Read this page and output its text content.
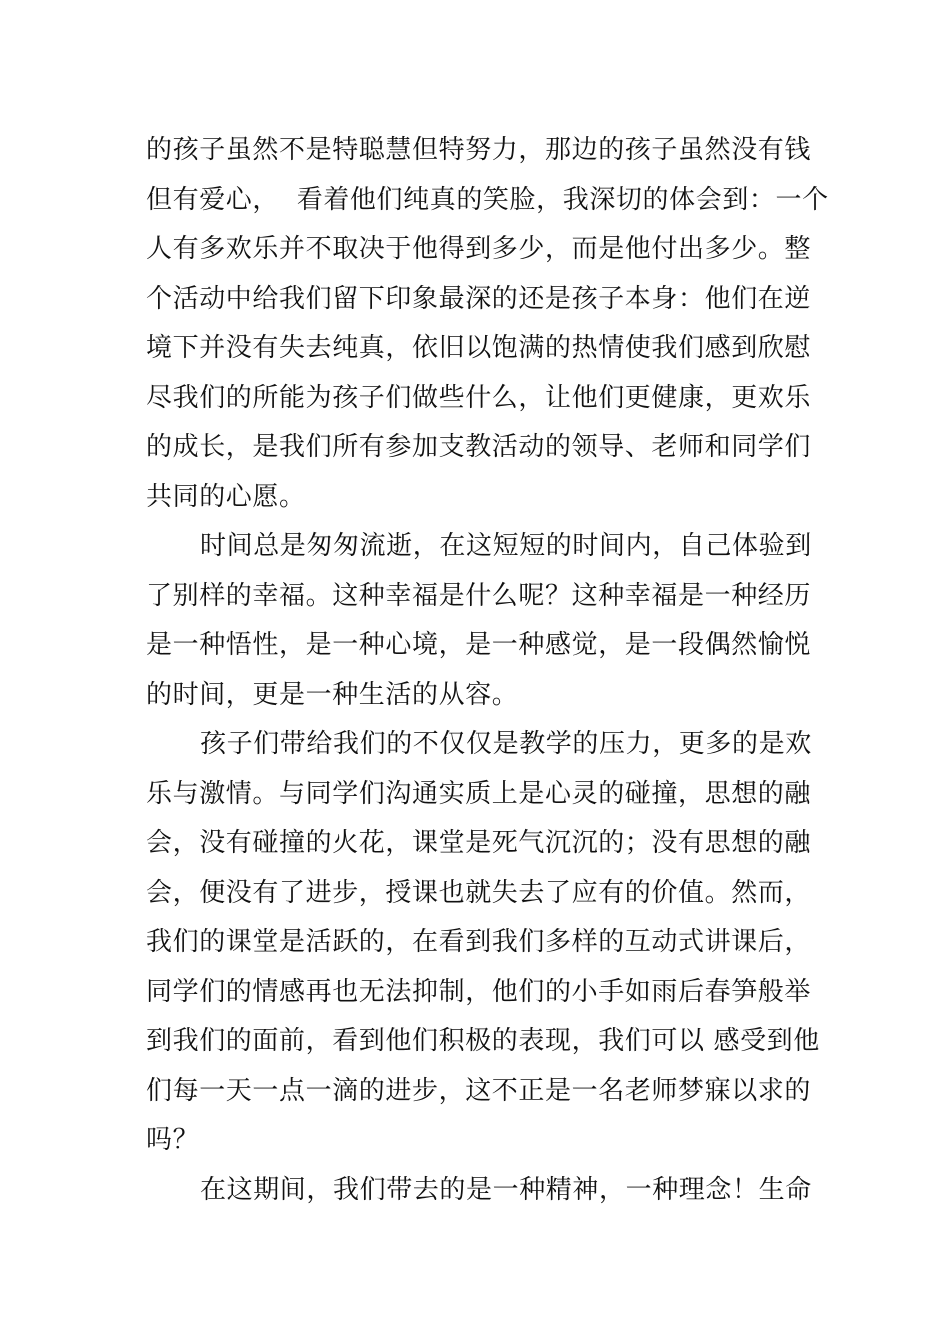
的孩子虽然不是特聪慧但特努力，那边的孩子虽然没有钱
但有爱心，  看着他们纯真的笑脸，我深切的体会到：一个
人有多欢乐并不取决于他得到多少，而是他付出多少。整
个活动中给我们留下印象最深的还是孩子本身：他们在逆
境下并没有失去纯真，依旧以饱满的热情使我们感到欣慰
尽我们的所能为孩子们做些什么，让他们更健康，更欢乐
的成长，是我们所有参加支教活动的领导、老师和同学们
共同的心愿。
时间总是匆匆流逝，在这短短的时间内，自己体验到
了别样的幸福。这种幸福是什么呢？这种幸福是一种经历
是一种悟性，是一种心境，是一种感觉，是一段偶然愉悦
的时间，更是一种生活的从容。
孩子们带给我们的不仅仅是教学的压力，更多的是欢
乐与激情。与同学们沟通实质上是心灵的碰撞，思想的融
会，没有碰撞的火花，课堂是死气沉沉的；没有思想的融
会，便没有了进步，授课也就失去了应有的价值。然而，
我们的课堂是活跃的，在看到我们多样的互动式讲课后，
同学们的情感再也无法抑制，他们的小手如雨后春笋般举
到我们的面前，看到他们积极的表现，我们可以 感受到他
们每一天一点一滴的进步，这不正是一名老师梦寐以求的
吗？
在这期间，我们带去的是一种精神，一种理念！生命
